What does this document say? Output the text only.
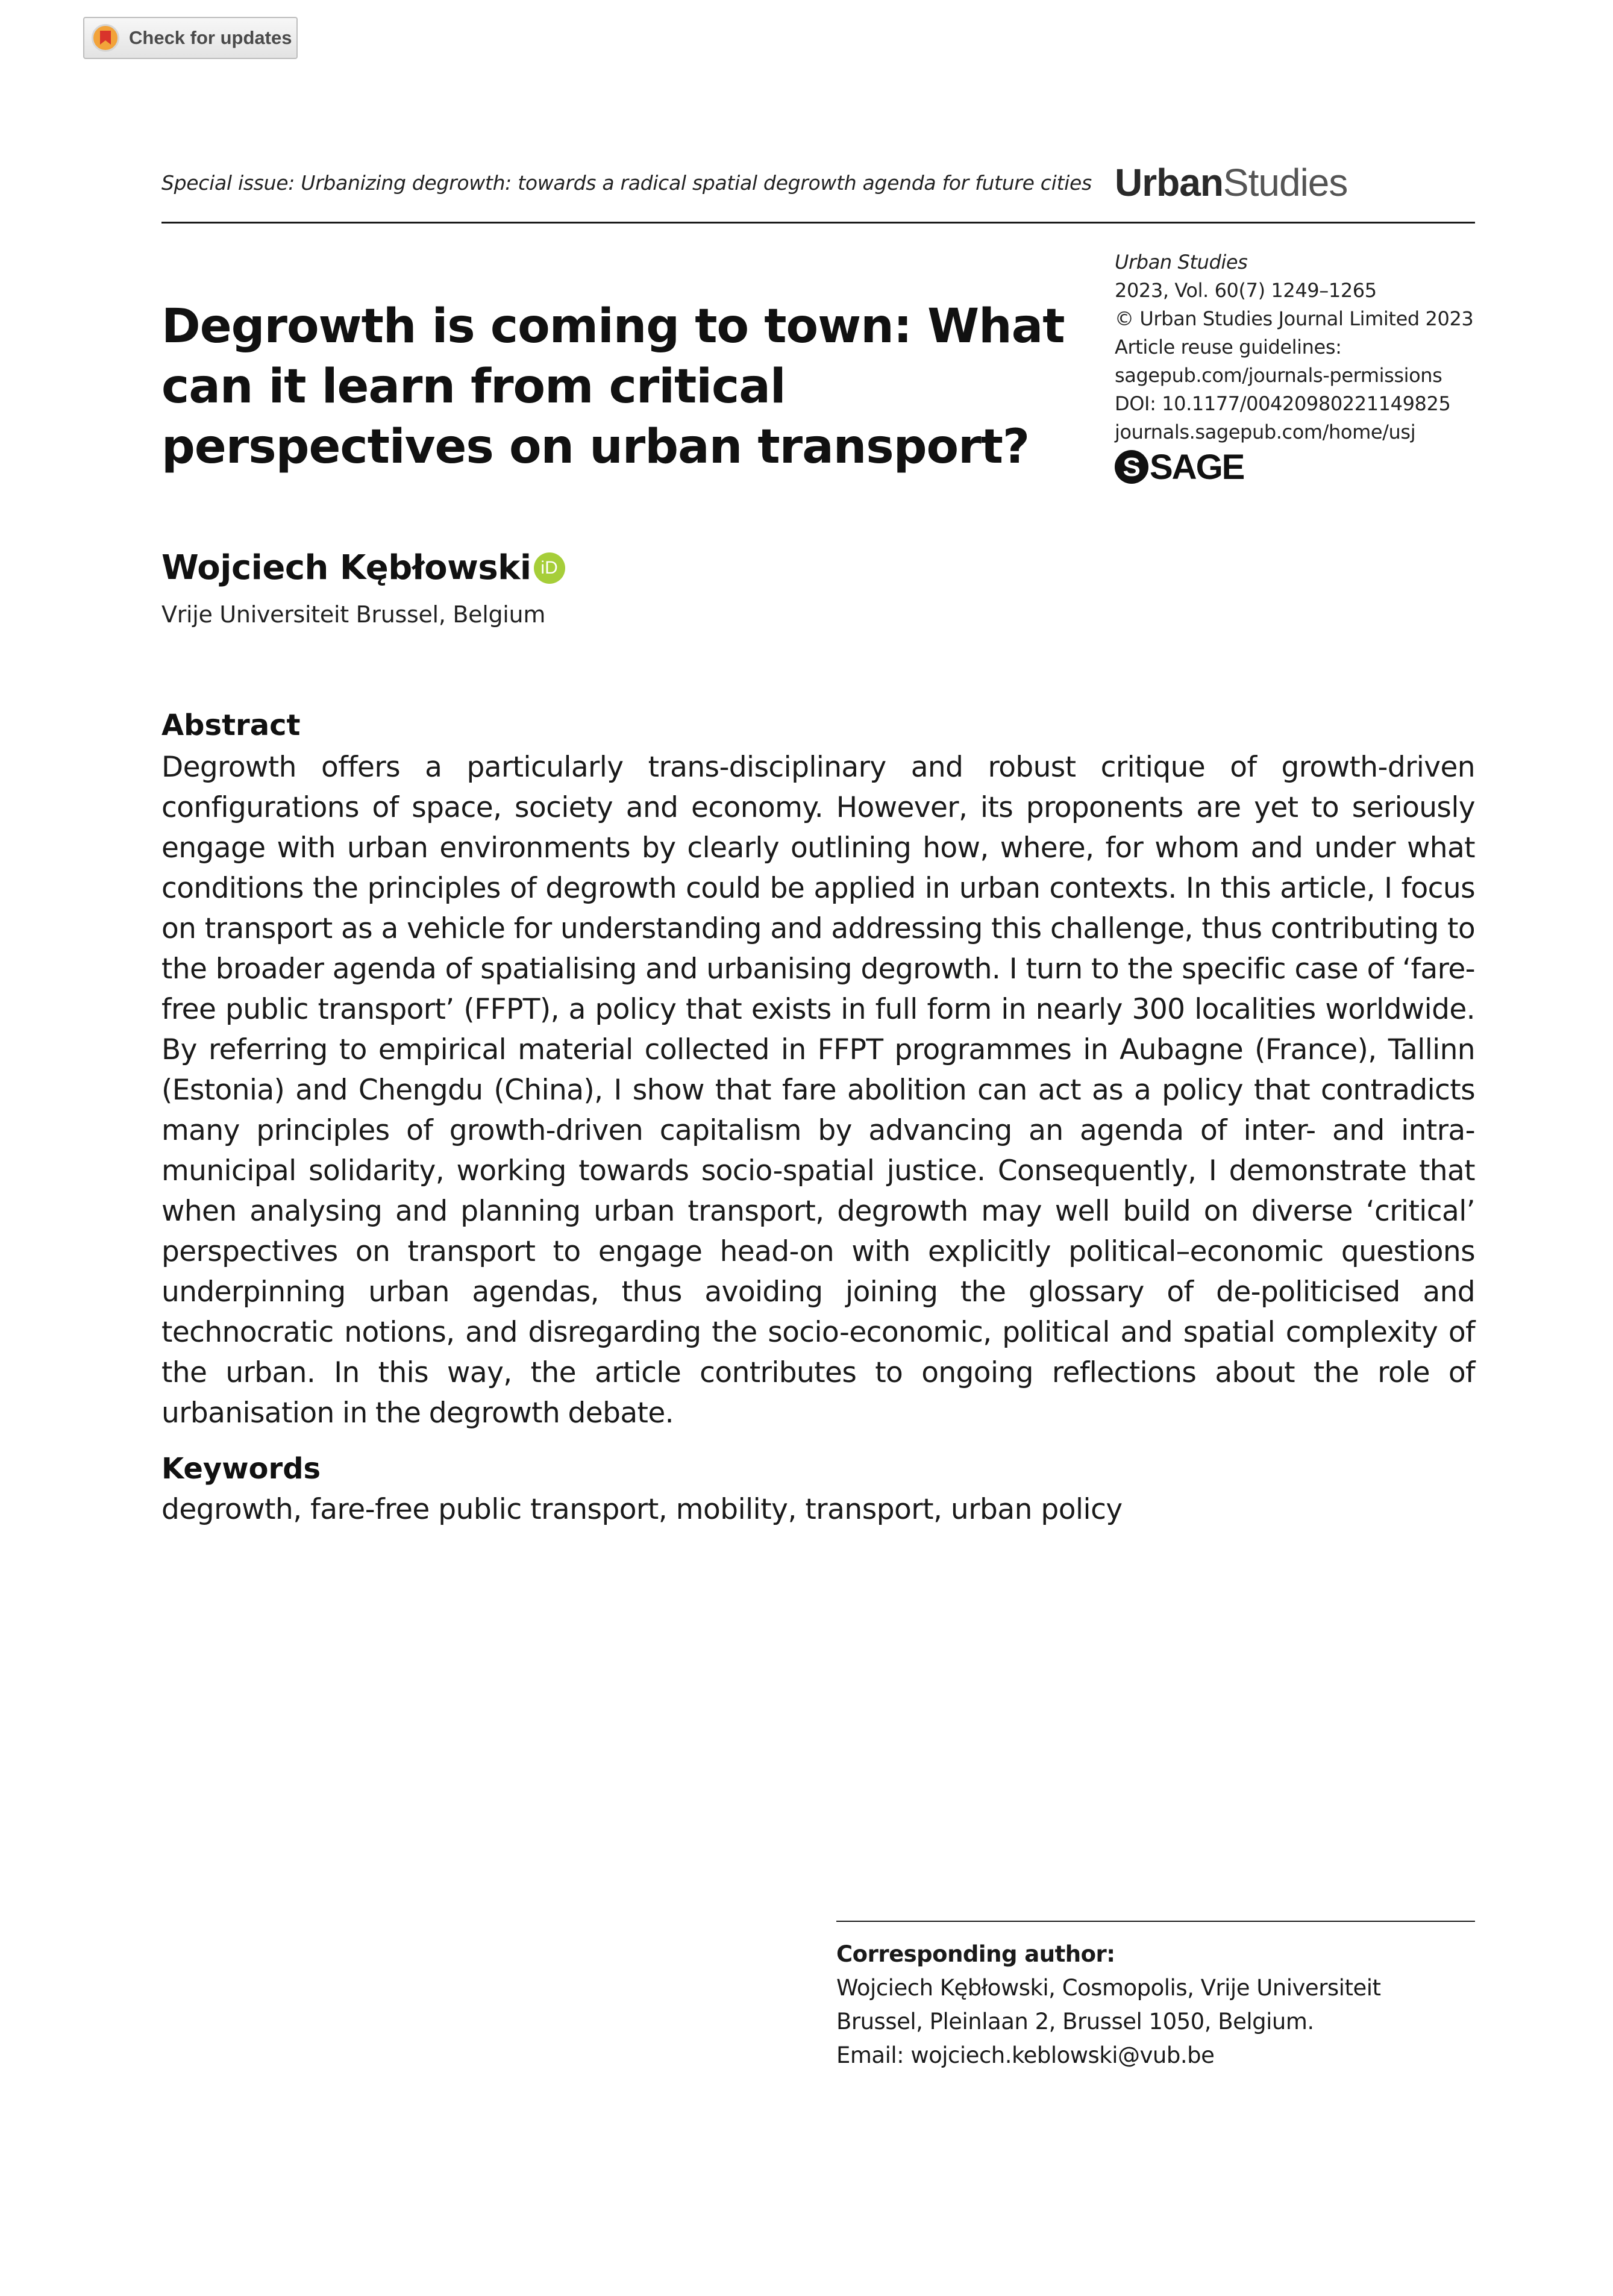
Check for updates
Special issue: Urbanizing degrowth: towards a radical spatial degrowth agenda for future cities UrbanStudies
Degrowth is coming to town: What can it learn from critical perspectives on urban transport?
Urban Studies
2023, Vol. 60(7) 1249–1265
© Urban Studies Journal Limited 2023
Article reuse guidelines:
sagepub.com/journals-permissions
DOI: 10.1177/00420980221149825
journals.sagepub.com/home/usj
S SAGE
Wojciech Kębłowski iD
Vrije Universiteit Brussel, Belgium
Abstract

Degrowth offers a particularly trans-disciplinary and robust critique of growth-driven configurations of space, society and economy. However, its proponents are yet to seriously engage with urban environments by clearly outlining how, where, for whom and under what conditions the principles of degrowth could be applied in urban contexts. In this article, I focus on transport as a vehicle for understanding and addressing this challenge, thus contributing to the broader agenda of spatialising and urbanising degrowth. I turn to the specific case of ‘fare-free public transport’ (FFPT), a policy that exists in full form in nearly 300 localities worldwide. By referring to empirical material collected in FFPT programmes in Aubagne (France), Tallinn (Estonia) and Chengdu (China), I show that fare abolition can act as a policy that contradicts many principles of growth-driven capitalism by advancing an agenda of inter- and intra-municipal solidarity, working towards socio-spatial justice. Consequently, I demonstrate that when analysing and planning urban transport, degrowth may well build on diverse ‘critical’ perspectives on transport to engage head-on with explicitly political–economic questions underpinning urban agendas, thus avoiding joining the glossary of de-politicised and technocratic notions, and disregarding the socio-economic, political and spatial complexity of the urban. In this way, the article contributes to ongoing reflections about the role of urbanisation in the degrowth debate.

Keywords
degrowth, fare-free public transport, mobility, transport, urban policy
Corresponding author:
Wojciech Kębłowski, Cosmopolis, Vrije Universiteit
Brussel, Pleinlaan 2, Brussel 1050, Belgium.
Email: wojciech.keblowski@vub.be
